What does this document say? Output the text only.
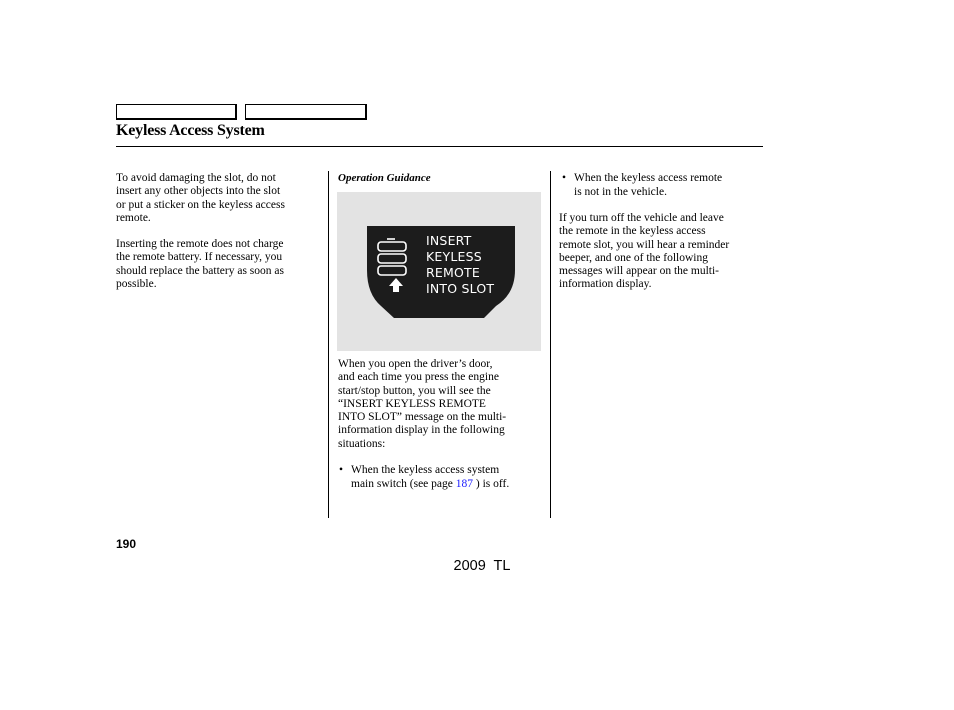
Keyless Access System

To avoid damaging the slot, do not
insert any other objects into the slot
or put a sticker on the keyless access
remote.

Inserting the remote does not charge
the remote battery. If necessary, you
should replace the battery as soon as
possible.

Operation Guidance

INSERT
KEYLESS
REMOTE
INTO SLOT

When you open the driver’s door,
and each time you press the engine
start/stop button, you will see the
“INSERT KEYLESS REMOTE
INTO SLOT” message on the multi-
information display in the following
situations:

• When the keyless access system
main switch (see page 187 ) is off.
• When the keyless access remote
is not in the vehicle.

If you turn off the vehicle and leave
the remote in the keyless access
remote slot, you will hear a reminder
beeper, and one of the following
messages will appear on the multi-
information display.

190

2009  TL
